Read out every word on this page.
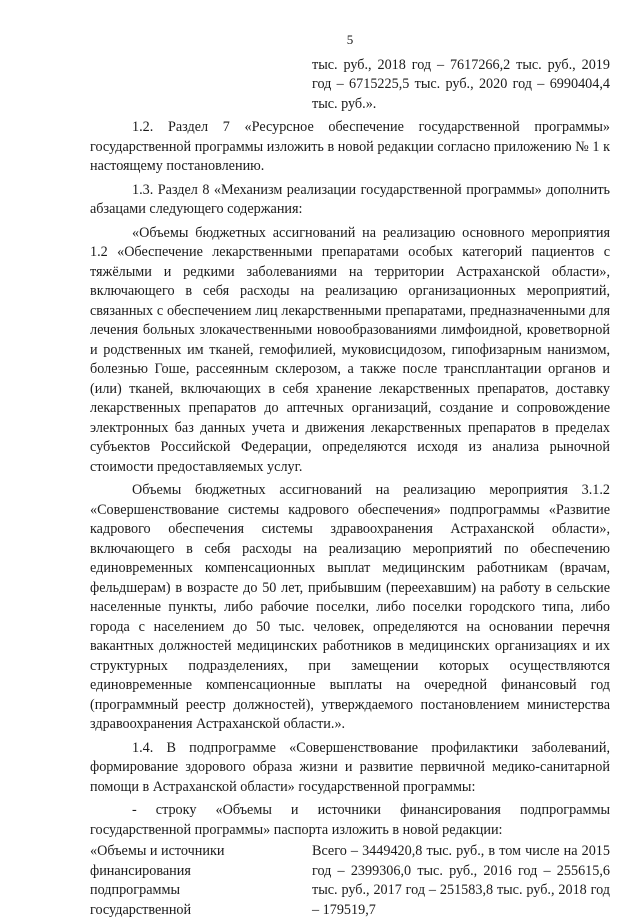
5

тыс. руб., 2018 год – 7617266,2 тыс. руб., 2019 год – 6715225,5 тыс. руб., 2020 год – 6990404,4 тыс. руб.».

1.2. Раздел 7 «Ресурсное обеспечение государственной программы» государственной программы изложить в новой редакции согласно приложению № 1 к настоящему постановлению.

1.3. Раздел 8 «Механизм реализации государственной программы» дополнить абзацами следующего содержания:

«Объемы бюджетных ассигнований на реализацию основного мероприятия 1.2 «Обеспечение лекарственными препаратами особых категорий пациентов с тяжёлыми и редкими заболеваниями на территории Астраханской области», включающего в себя расходы на реализацию организационных мероприятий, связанных с обеспечением лиц лекарственными препаратами, предназначенными для лечения больных злокачественными новообразованиями лимфоидной, кроветворной и родственных им тканей, гемофилией, муковисцидозом, гипофизарным нанизмом, болезнью Гоше, рассеянным склерозом, а также после трансплантации органов и (или) тканей, включающих в себя хранение лекарственных препаратов, доставку лекарственных препаратов до аптечных организаций, создание и сопровождение электронных баз данных учета и движения лекарственных препаратов в пределах субъектов Российской Федерации, определяются исходя из анализа рыночной стоимости предоставляемых услуг.

Объемы бюджетных ассигнований на реализацию мероприятия 3.1.2 «Совершенствование системы кадрового обеспечения» подпрограммы «Развитие кадрового обеспечения системы здравоохранения Астраханской области», включающего в себя расходы на реализацию мероприятий по обеспечению единовременных компенсационных выплат медицинским работникам (врачам, фельдшерам) в возрасте до 50 лет, прибывшим (переехавшим) на работу в сельские населенные пункты, либо рабочие поселки, либо поселки городского типа, либо города с населением до 50 тыс. человек, определяются на основании перечня вакантных должностей медицинских работников в медицинских организациях и их структурных подразделениях, при замещении которых осуществляются единовременные компенсационные выплаты на очередной финансовый год (программный реестр должностей), утверждаемого постановлением министерства здравоохранения Астраханской области.».

1.4. В подпрограмме «Совершенствование профилактики заболеваний, формирование здорового образа жизни и развитие первичной медико-санитарной помощи в Астраханской области» государственной программы:

- строку «Объемы и источники финансирования подпрограммы государственной программы» паспорта изложить в новой редакции:

«Объемы и источники
финансирования
подпрограммы
государственной
Всего – 3449420,8 тыс. руб., в том числе на 2015 год – 2399306,0 тыс. руб., 2016 год – 255615,6 тыс. руб., 2017 год – 251583,8 тыс. руб., 2018 год – 179519,7
